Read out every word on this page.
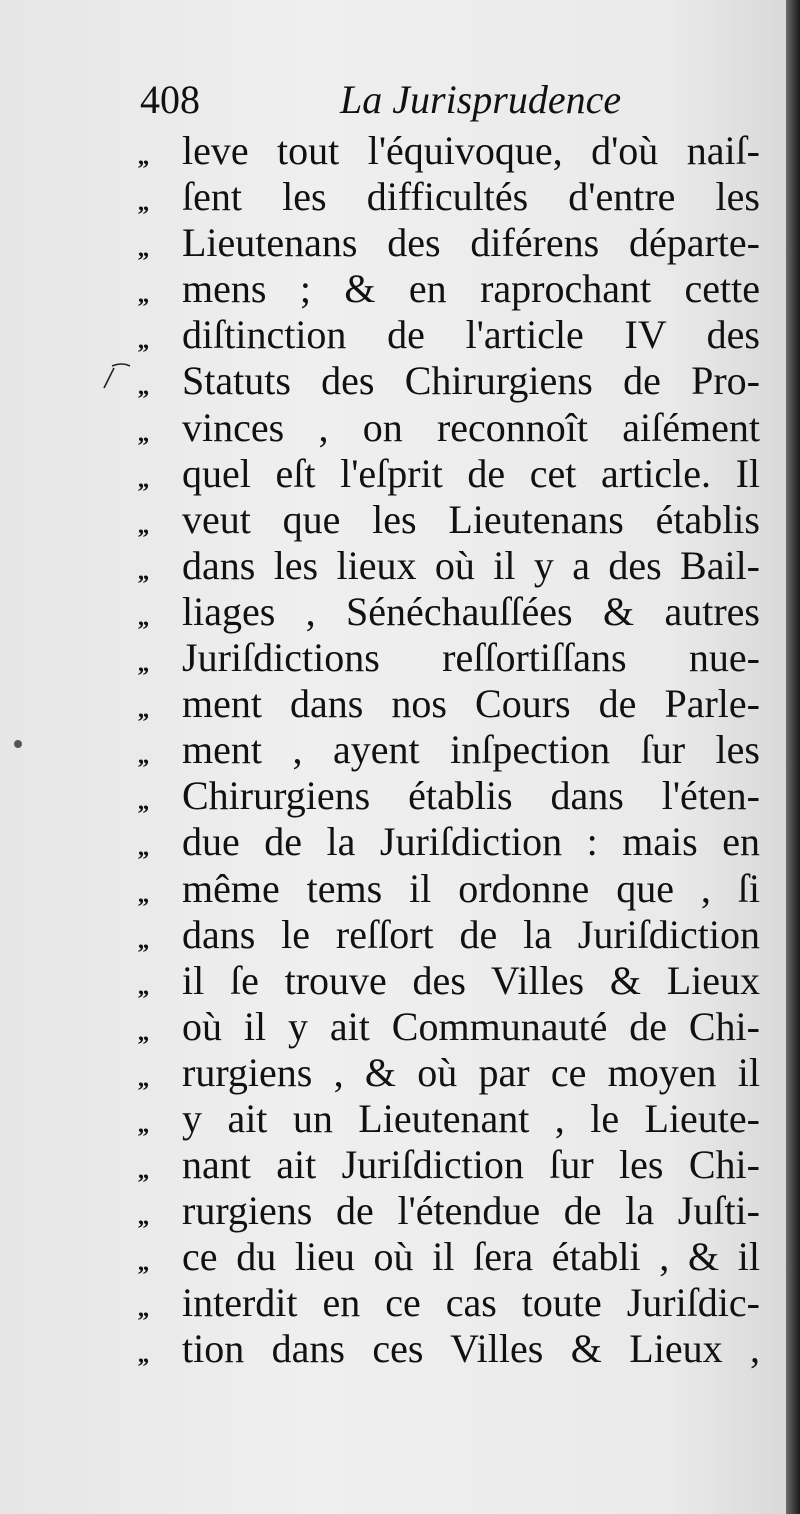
408	La Jurisprudence
,, leve tout l'équivoque, d'où naiſ-
,, ſent les difficultés d'entre les
,, Lieutenans des diférens départe-
,, mens ; & en raprochant cette
,, diſtinction de l'article IV des
,, Statuts des Chirurgiens de Pro-
,, vinces , on reconnoît aiſément
,, quel eſt l'eſprit de cet article. Il
,, veut que les Lieutenans établis
,, dans les lieux où il y a des Bail-
,, liages , Sénéchauſſées & autres
,, Juriſdictions reſſortiſſans nue-
,, ment dans nos Cours de Parle-
,, ment , ayent inſpection ſur les
,, Chirurgiens établis dans l'éten-
,, due de la Juriſdiction : mais en
,, même tems il ordonne que , ſi
,, dans le reſſort de la Juriſdiction
,, il ſe trouve des Villes & Lieux
,, où il y ait Communauté de Chi-
,, rurgiens , & où par ce moyen il
,, y ait un Lieutenant , le Lieute-
,, nant ait Juriſdiction ſur les Chi-
,, rurgiens de l'étendue de la Juſti-
,, ce du lieu où il ſera établi , & il
,, interdit en ce cas toute Juriſdic-
,, tion dans ces Villes & Lieux ,
